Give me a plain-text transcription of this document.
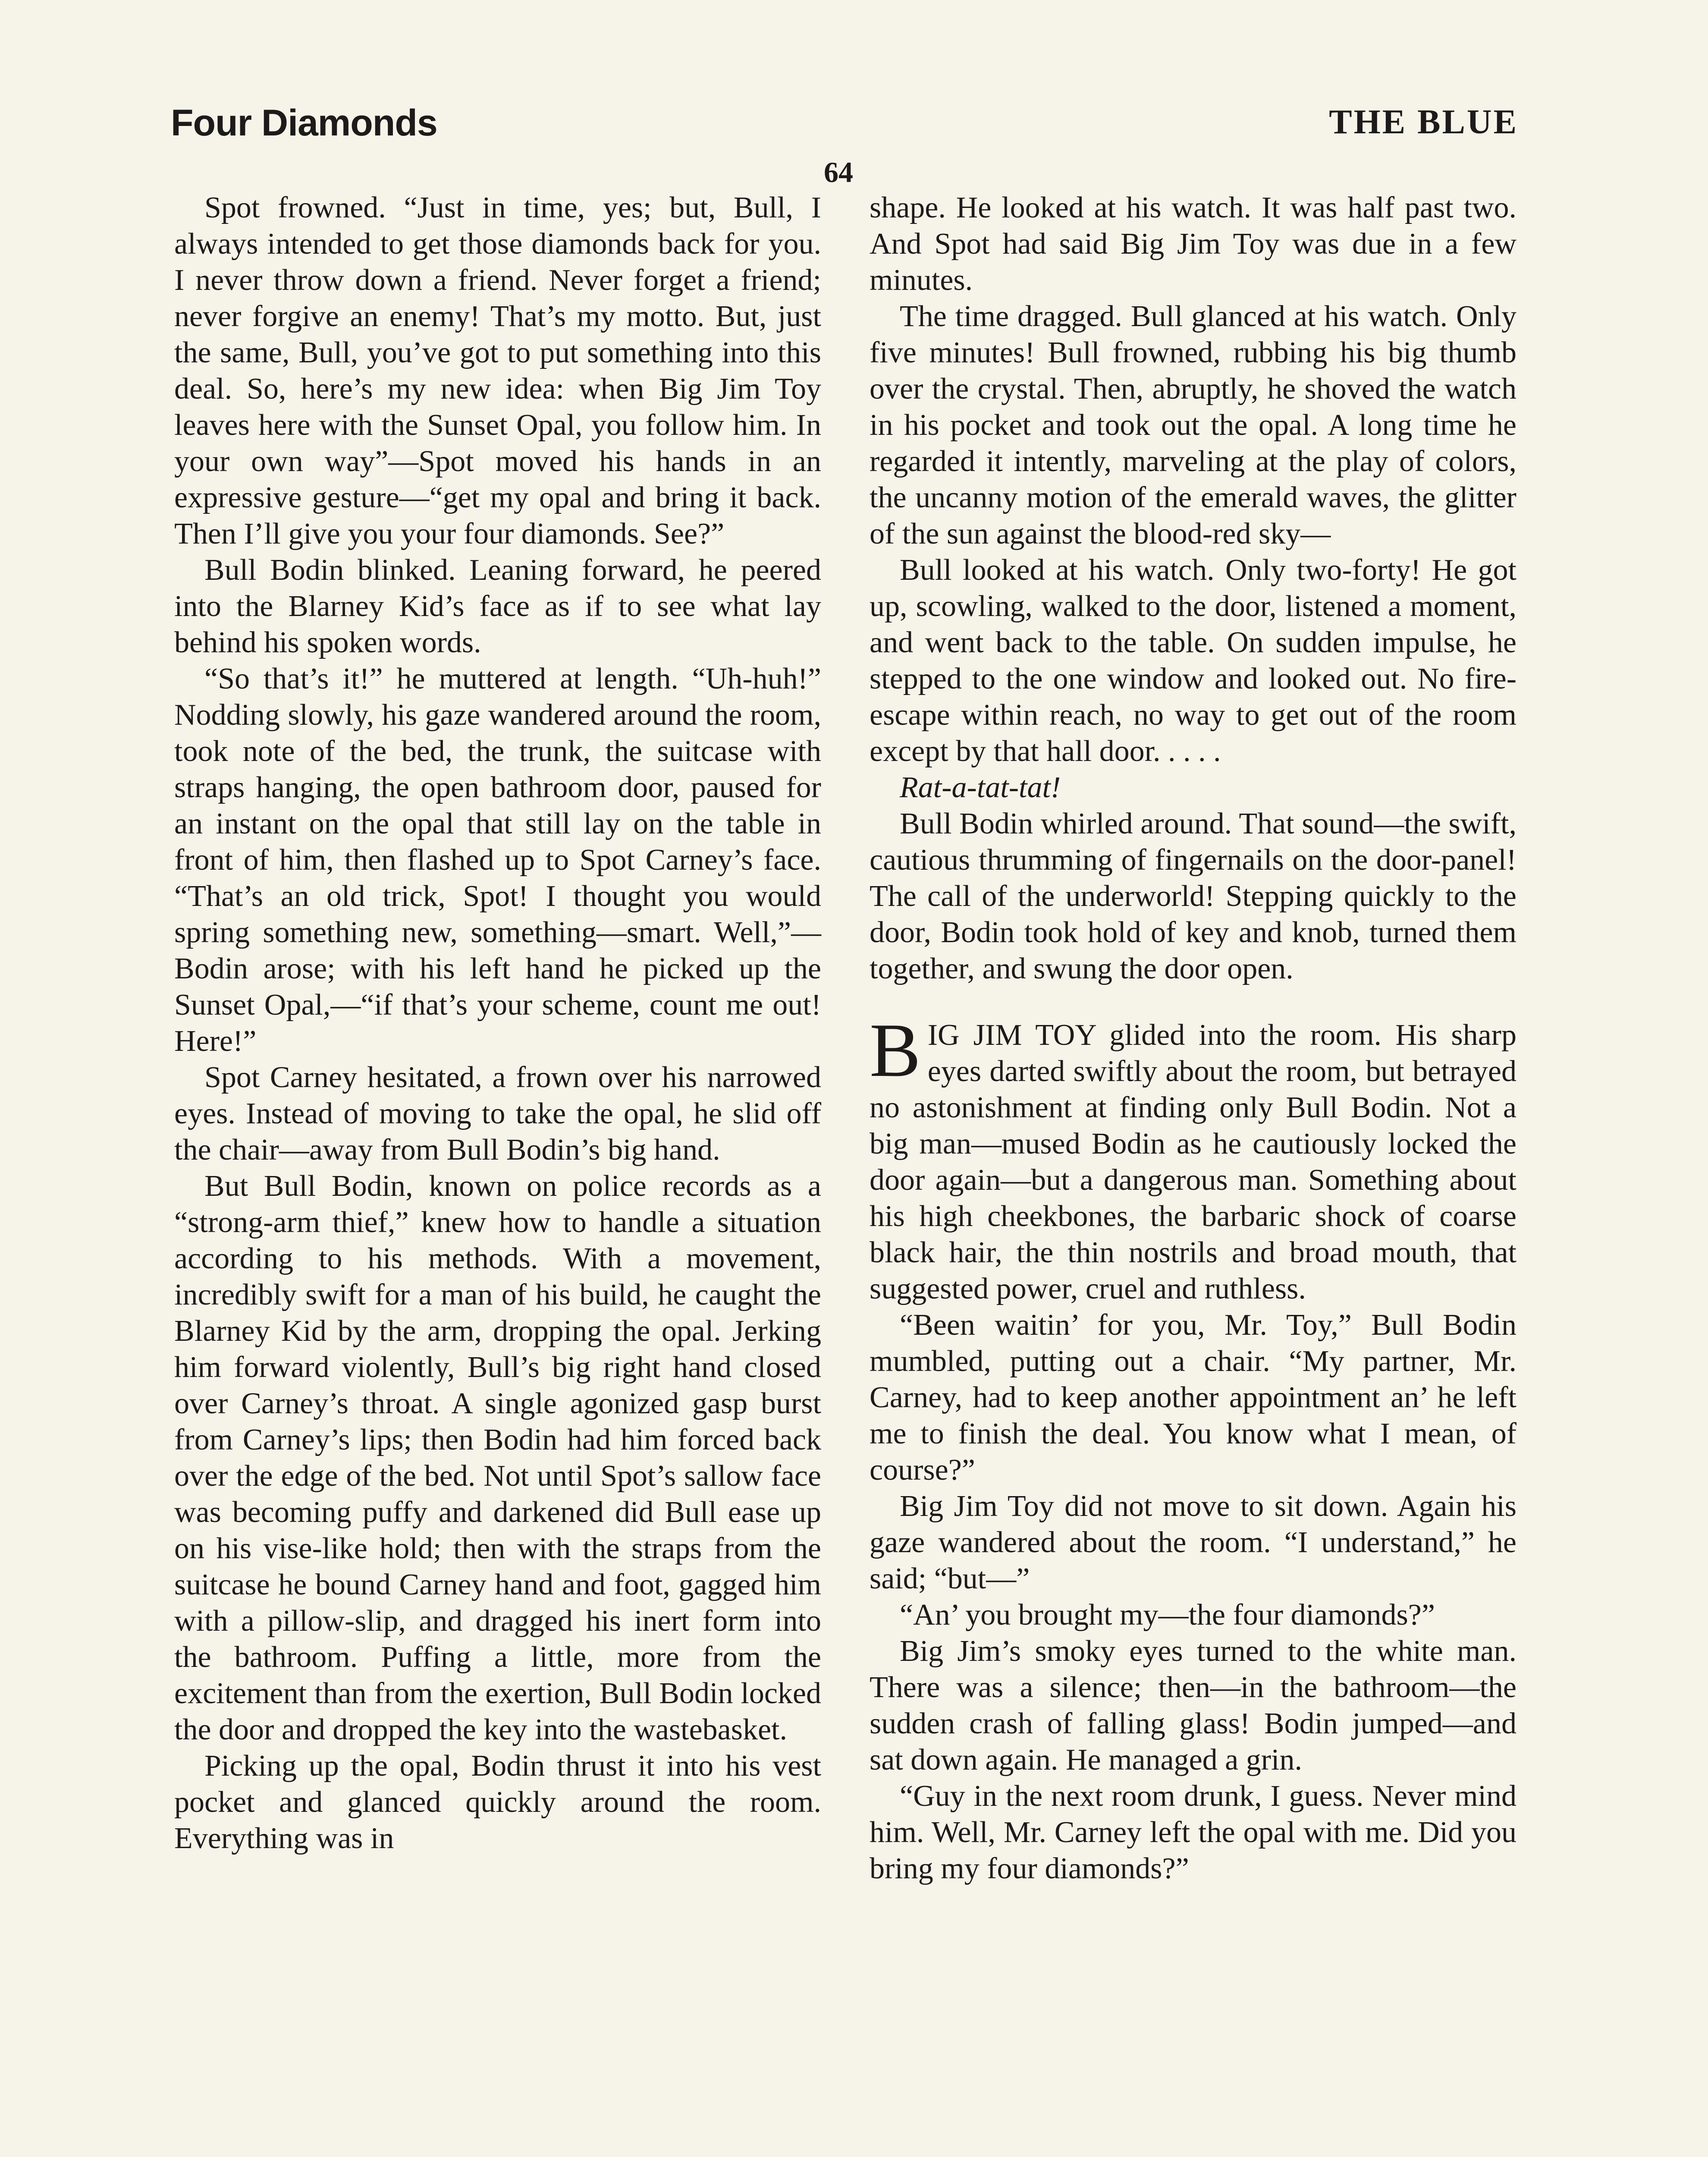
Four Diamonds	THE BLUE
64

Spot frowned. “Just in time, yes; but, Bull, I always intended to get those diamonds back for you. I never throw down a friend. Never forget a friend; never forgive an enemy! That’s my motto. But, just the same, Bull, you’ve got to put something into this deal. So, here’s my new idea: when Big Jim Toy leaves here with the Sunset Opal, you follow him. In your own way”—Spot moved his hands in an expressive gesture—“get my opal and bring it back. Then I’ll give you your four diamonds. See?”

Bull Bodin blinked. Leaning forward, he peered into the Blarney Kid’s face as if to see what lay behind his spoken words.

“So that’s it!” he muttered at length. “Uh-huh!” Nodding slowly, his gaze wandered around the room, took note of the bed, the trunk, the suitcase with straps hanging, the open bathroom door, paused for an instant on the opal that still lay on the table in front of him, then flashed up to Spot Carney’s face. “That’s an old trick, Spot! I thought you would spring something new, something—smart. Well,”—Bodin arose; with his left hand he picked up the Sunset Opal,—“if that’s your scheme, count me out! Here!”

Spot Carney hesitated, a frown over his narrowed eyes. Instead of moving to take the opal, he slid off the chair—away from Bull Bodin’s big hand.

But Bull Bodin, known on police records as a “strong-arm thief,” knew how to handle a situation according to his methods. With a movement, incredibly swift for a man of his build, he caught the Blarney Kid by the arm, dropping the opal. Jerking him forward violently, Bull’s big right hand closed over Carney’s throat. A single agonized gasp burst from Carney’s lips; then Bodin had him forced back over the edge of the bed. Not until Spot’s sallow face was becoming puffy and darkened did Bull ease up on his vise-like hold; then with the straps from the suitcase he bound Carney hand and foot, gagged him with a pillow-slip, and dragged his inert form into the bathroom. Puffing a little, more from the excitement than from the exertion, Bull Bodin locked the door and dropped the key into the wastebasket.

Picking up the opal, Bodin thrust it into his vest pocket and glanced quickly around the room. Everything was in

shape. He looked at his watch. It was half past two. And Spot had said Big Jim Toy was due in a few minutes.

The time dragged. Bull glanced at his watch. Only five minutes! Bull frowned, rubbing his big thumb over the crystal. Then, abruptly, he shoved the watch in his pocket and took out the opal. A long time he regarded it intently, marveling at the play of colors, the uncanny motion of the emerald waves, the glitter of the sun against the blood-red sky—

Bull looked at his watch. Only two-forty! He got up, scowling, walked to the door, listened a moment, and went back to the table. On sudden impulse, he stepped to the one window and looked out. No fire-escape within reach, no way to get out of the room except by that hall door. . . . .

Rat-a-tat-tat!

Bull Bodin whirled around. That sound—the swift, cautious thrumming of fingernails on the door-panel! The call of the underworld! Stepping quickly to the door, Bodin took hold of key and knob, turned them together, and swung the door open.

BIG JIM TOY glided into the room. His sharp eyes darted swiftly about the room, but betrayed no astonishment at finding only Bull Bodin. Not a big man—mused Bodin as he cautiously locked the door again—but a dangerous man. Something about his high cheekbones, the barbaric shock of coarse black hair, the thin nostrils and broad mouth, that suggested power, cruel and ruthless.

“Been waitin’ for you, Mr. Toy,” Bull Bodin mumbled, putting out a chair. “My partner, Mr. Carney, had to keep another appointment an’ he left me to finish the deal. You know what I mean, of course?”

Big Jim Toy did not move to sit down. Again his gaze wandered about the room. “I understand,” he said; “but—”

“An’ you brought my—the four diamonds?”

Big Jim’s smoky eyes turned to the white man. There was a silence; then—in the bathroom—the sudden crash of falling glass! Bodin jumped—and sat down again. He managed a grin.

“Guy in the next room drunk, I guess. Never mind him. Well, Mr. Carney left the opal with me. Did you bring my four diamonds?”
